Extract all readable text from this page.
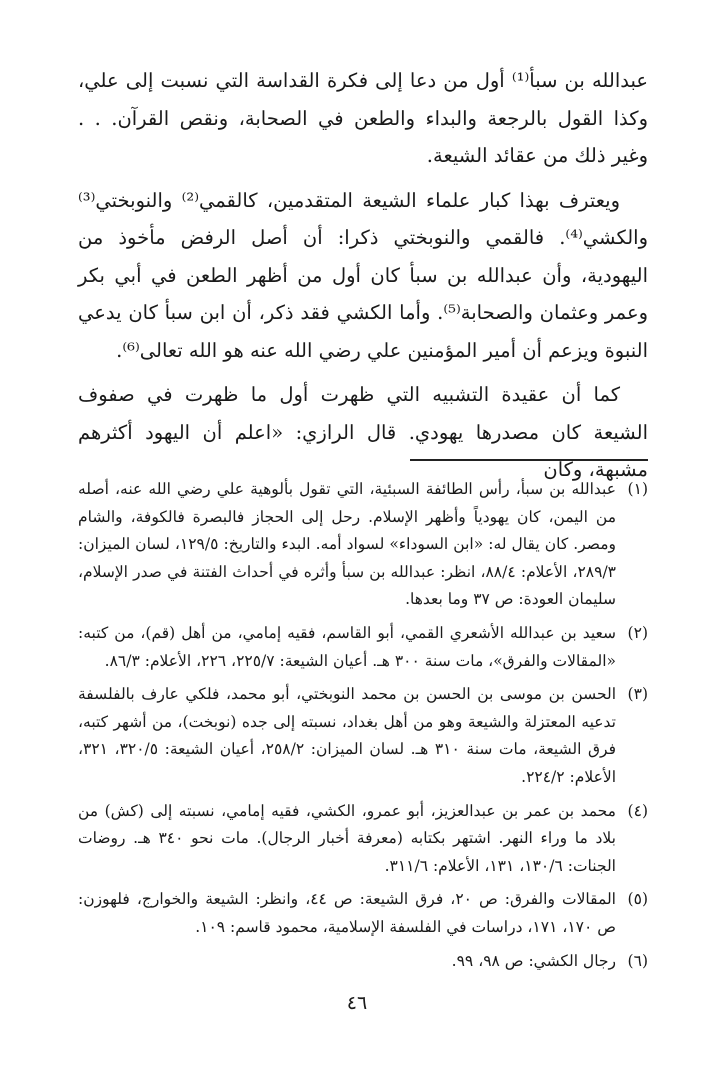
عبدالله بن سبأ⁽¹⁾ أول من دعا إلى فكرة القداسة التي نسبت إلى علي، وكذا القول بالرجعة والبداء والطعن في الصحابة، ونقص القرآن. . . وغير ذلك من عقائد الشيعة.

ويعترف بهذا كبار علماء الشيعة المتقدمين، كالقمي⁽²⁾ والنوبختي⁽³⁾ والكشي⁽⁴⁾. فالقمي والنوبختي ذكرا: أن أصل الرفض مأخوذ من اليهودية، وأن عبدالله بن سبأ كان أول من أظهر الطعن في أبي بكر وعمر وعثمان والصحابة⁽⁵⁾. وأما الكشي فقد ذكر، أن ابن سبأ كان يدعي النبوة ويزعم أن أمير المؤمنين علي رضي الله عنه هو الله تعالى⁽⁶⁾.

كما أن عقيدة التشبيه التي ظهرت أول ما ظهرت في صفوف الشيعة كان مصدرها يهودي. قال الرازي: «اعلم أن اليهود أكثرهم مشبهة، وكان

(١)
عبدالله بن سبأ، رأس الطائفة السبئية، التي تقول بألوهية علي رضي الله عنه، أصله من اليمن، كان يهودياً وأظهر الإسلام. رحل إلى الحجاز فالبصرة فالكوفة، والشام ومصر. كان يقال له: «ابن السوداء» لسواد أمه. البدء والتاريخ: ١٢٩/٥، لسان الميزان: ٢٨٩/٣، الأعلام: ٨٨/٤، انظر: عبدالله بن سبأ وأثره في أحداث الفتنة في صدر الإسلام، سليمان العودة: ص ٣٧ وما بعدها.
(٢)
سعيد بن عبدالله الأشعري القمي، أبو القاسم، فقيه إمامي، من أهل (قم)، من كتبه: «المقالات والفرق»، مات سنة ٣٠٠ هـ. أعيان الشيعة: ٢٢٥/٧، ٢٢٦، الأعلام: ٨٦/٣.
(٣)
الحسن بن موسى بن الحسن بن محمد النوبختي، أبو محمد، فلكي عارف بالفلسفة تدعيه المعتزلة والشيعة وهو من أهل بغداد، نسبته إلى جده (نوبخت)، من أشهر كتبه، فرق الشيعة، مات سنة ٣١٠ هـ. لسان الميزان: ٢٥٨/٢، أعيان الشيعة: ٣٢٠/٥، ٣٢١، الأعلام: ٢٢٤/٢.
(٤)
محمد بن عمر بن عبدالعزيز، أبو عمرو، الكشي، فقيه إمامي، نسبته إلى (كش) من بلاد ما وراء النهر. اشتهر بكتابه (معرفة أخبار الرجال). مات نحو ٣٤٠ هـ. روضات الجنات: ١٣٠/٦، ١٣١، الأعلام: ٣١١/٦.
(٥)
المقالات والفرق: ص ٢٠، فرق الشيعة: ص ٤٤، وانظر: الشيعة والخوارج، فلهوزن: ص ١٧٠، ١٧١، دراسات في الفلسفة الإسلامية، محمود قاسم: ١٠٩.
(٦)
رجال الكشي: ص ٩٨، ٩٩.
٤٦
